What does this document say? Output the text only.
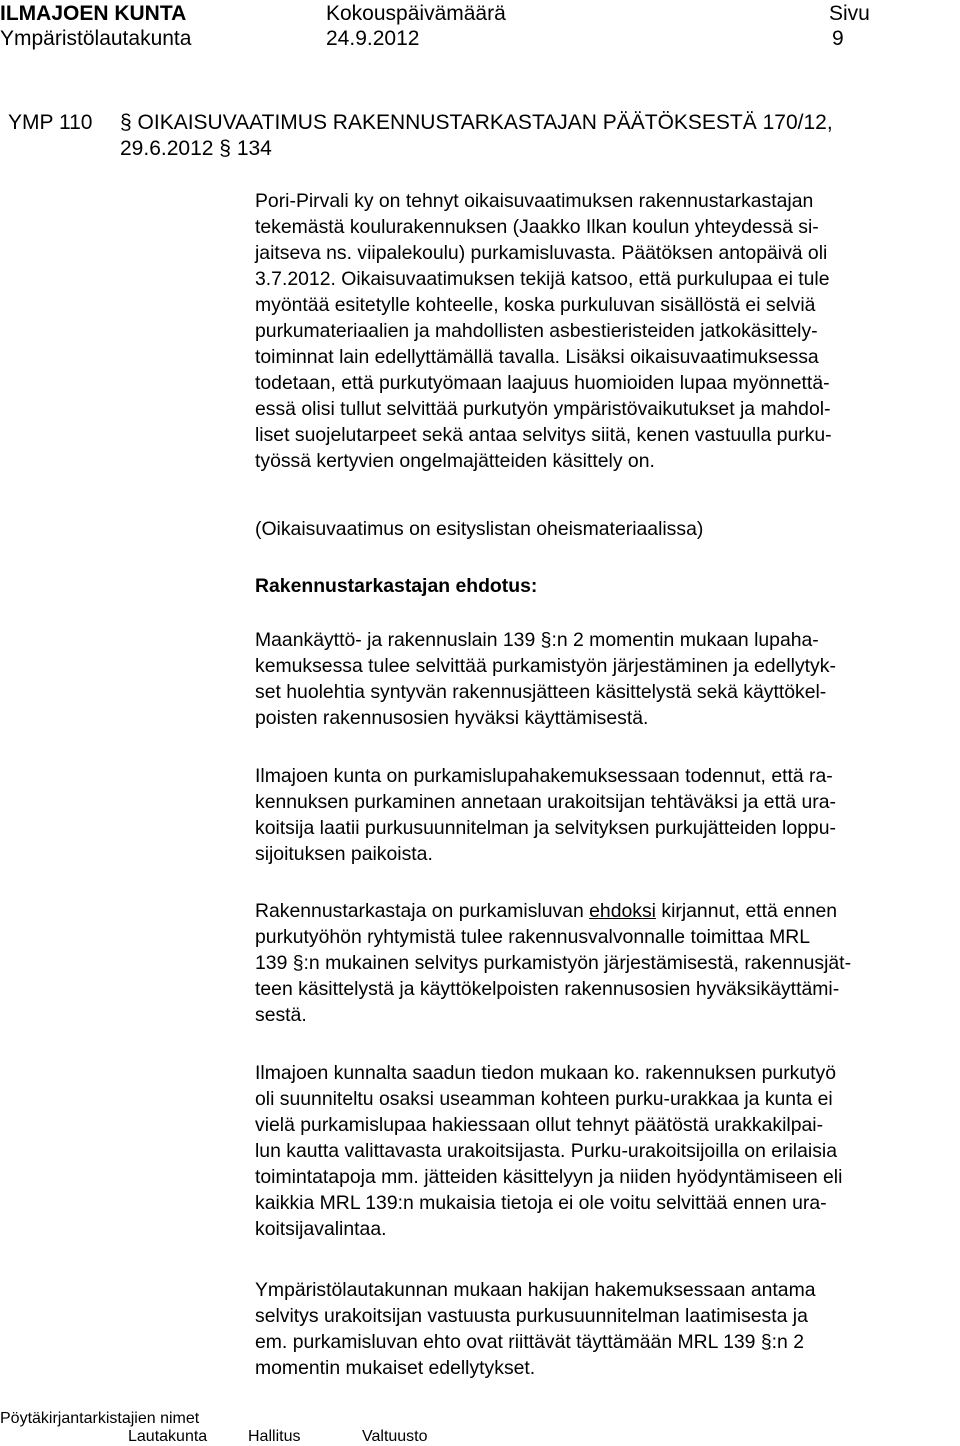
ILMAJOEN KUNTA
Ympäristölautakunta
Kokouspäivämäärä
24.9.2012
Sivu
9
YMP 110 § OIKAISUVAATIMUS RAKENNUSTARKASTAJAN PÄÄTÖKSESTÄ 170/12,
29.6.2012 § 134
Pori-Pirvali ky on tehnyt oikaisuvaatimuksen rakennustarkastajan
tekemästä koulurakennuksen (Jaakko Ilkan koulun yhteydessä si-
jaitseva ns. viipalekoulu) purkamisluvasta. Päätöksen antopäivä oli
3.7.2012. Oikaisuvaatimuksen tekijä katsoo, että purkulupaa ei tule
myöntää esitetylle kohteelle, koska purkuluvan sisällöstä ei selviä
purkumateriaalien ja mahdollisten asbestieristeiden jatkokäsittely-
toiminnat lain edellyttämällä tavalla. Lisäksi oikaisuvaatimuksessa
todetaan, että purkutyömaan laajuus huomioiden lupaa myönnettä-
essä olisi tullut selvittää purkutyön ympäristövaikutukset ja mahdol-
liset suojelutarpeet sekä antaa selvitys siitä, kenen vastuulla purku-
työssä kertyvien ongelmajätteiden käsittely on.
(Oikaisuvaatimus on esityslistan oheismateriaalissa)
Rakennustarkastajan ehdotus:
Maankäyttö- ja rakennuslain 139 §:n 2 momentin mukaan lupaha-
kemuksessa tulee selvittää purkamistyön järjestäminen ja edellytyk-
set huolehtia syntyvän rakennusjätteen käsittelystä sekä käyttökel-
poisten rakennusosien hyväksi käyttämisestä.
Ilmajoen kunta on purkamislupahakemuksessaan todennut, että ra-
kennuksen purkaminen annetaan urakoitsijan tehtäväksi ja että ura-
koitsija laatii purkusuunnitelman ja selvityksen purkujätteiden loppu-
sijoituksen paikoista.
Rakennustarkastaja on purkamisluvan ehdoksi kirjannut, että ennen
purkutyöhön ryhtymistä tulee rakennusvalvonnalle toimittaa MRL
139 §:n mukainen selvitys purkamistyön järjestämisestä, rakennusjät-
teen käsittelystä ja käyttökelpoisten rakennusosien hyväksikäyttämi-
sestä.
Ilmajoen kunnalta saadun tiedon mukaan ko. rakennuksen purkutyö
oli suunniteltu osaksi useamman kohteen purku-urakkaa ja kunta ei
vielä purkamislupaa hakiessaan ollut tehnyt päätöstä urakkakilpai-
lun kautta valittavasta urakoitsijasta. Purku-urakoitsijoilla on erilaisia
toimintatapoja mm. jätteiden käsittelyyn ja niiden hyödyntämiseen eli
kaikkia MRL 139:n mukaisia tietoja ei ole voitu selvittää ennen ura-
koitsijavalintaa.
Ympäristölautakunnan mukaan hakijan hakemuksessaan antama
selvitys urakoitsijan vastuusta purkusuunnitelman laatimisesta ja
em. purkamisluvan ehto ovat riittävät täyttämään MRL 139 §:n 2
momentin mukaiset edellytykset.
Pöytäkirjantarkistajien nimet
Lautakunta	Hallitus	Valtuusto
